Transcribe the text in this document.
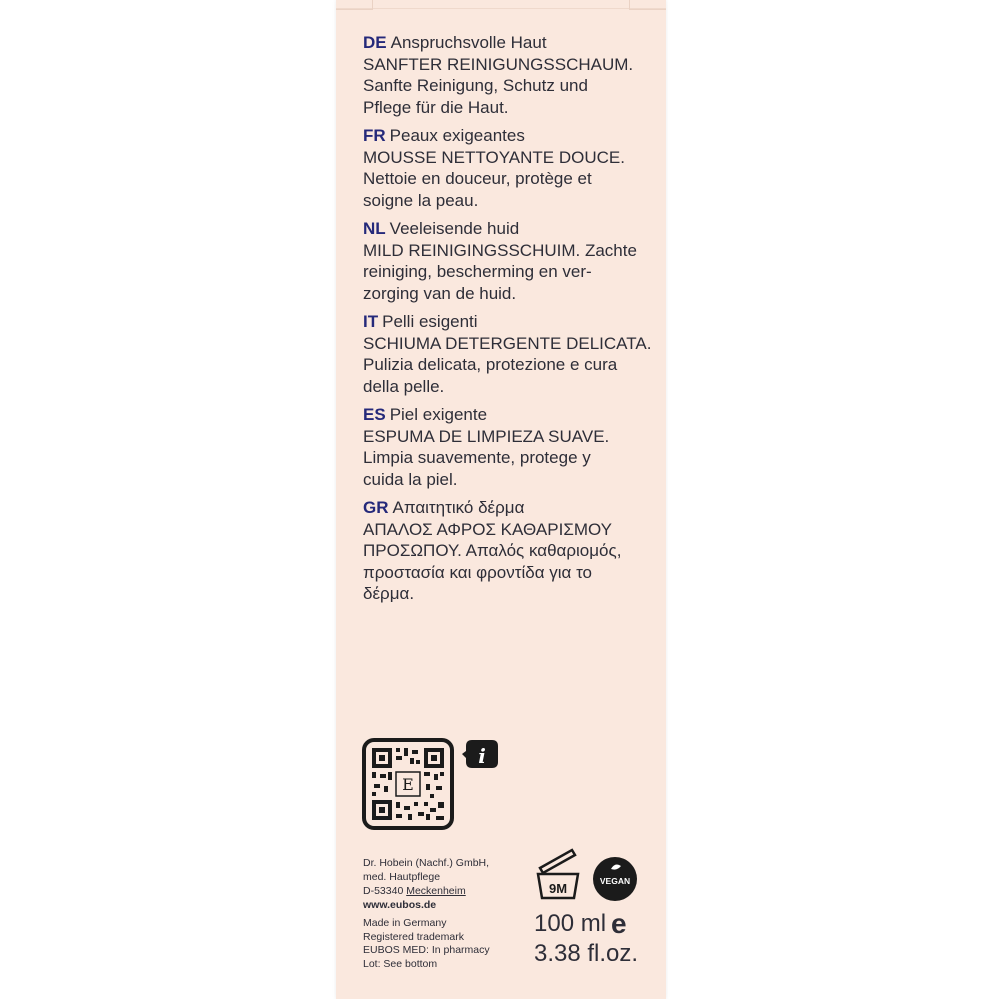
DE Anspruchsvolle Haut
SANFTER REINIGUNGSSCHAUM.
Sanfte Reinigung, Schutz und
Pflege für die Haut.
FR Peaux exigeantes
MOUSSE NETTOYANTE DOUCE.
Nettoie en douceur, protège et
soigne la peau.
NL Veeleisende huid
MILD REINIGINGSSCHUIM. Zachte
reiniging, bescherming en ver-
zorging van de huid.
IT Pelli esigenti
SCHIUMA DETERGENTE DELICATA.
Pulizia delicata, protezione e cura
della pelle.
ES Piel exigente
ESPUMA DE LIMPIEZA SUAVE.
Limpia suavemente, protege y
cuida la piel.
GR Απαιτητικό δέρμα
ΑΠΑΛΟΣ ΑΦΡΟΣ ΚΑΘΑΡΙΣΜΟΥ
ΠΡΟΣΩΠΟΥ. Απαλός καθαριομός,
προστασία και φροντίδα για το
δέρμα.
E
i
Dr. Hobein (Nachf.) GmbH,
med. Hautpflege
D-53340 Meckenheim
www.eubos.de
Made in Germany
Registered trademark
EUBOS MED: In pharmacy
Lot: See bottom
9M	VEGAN
100 ml e
3.38 fl.oz.
